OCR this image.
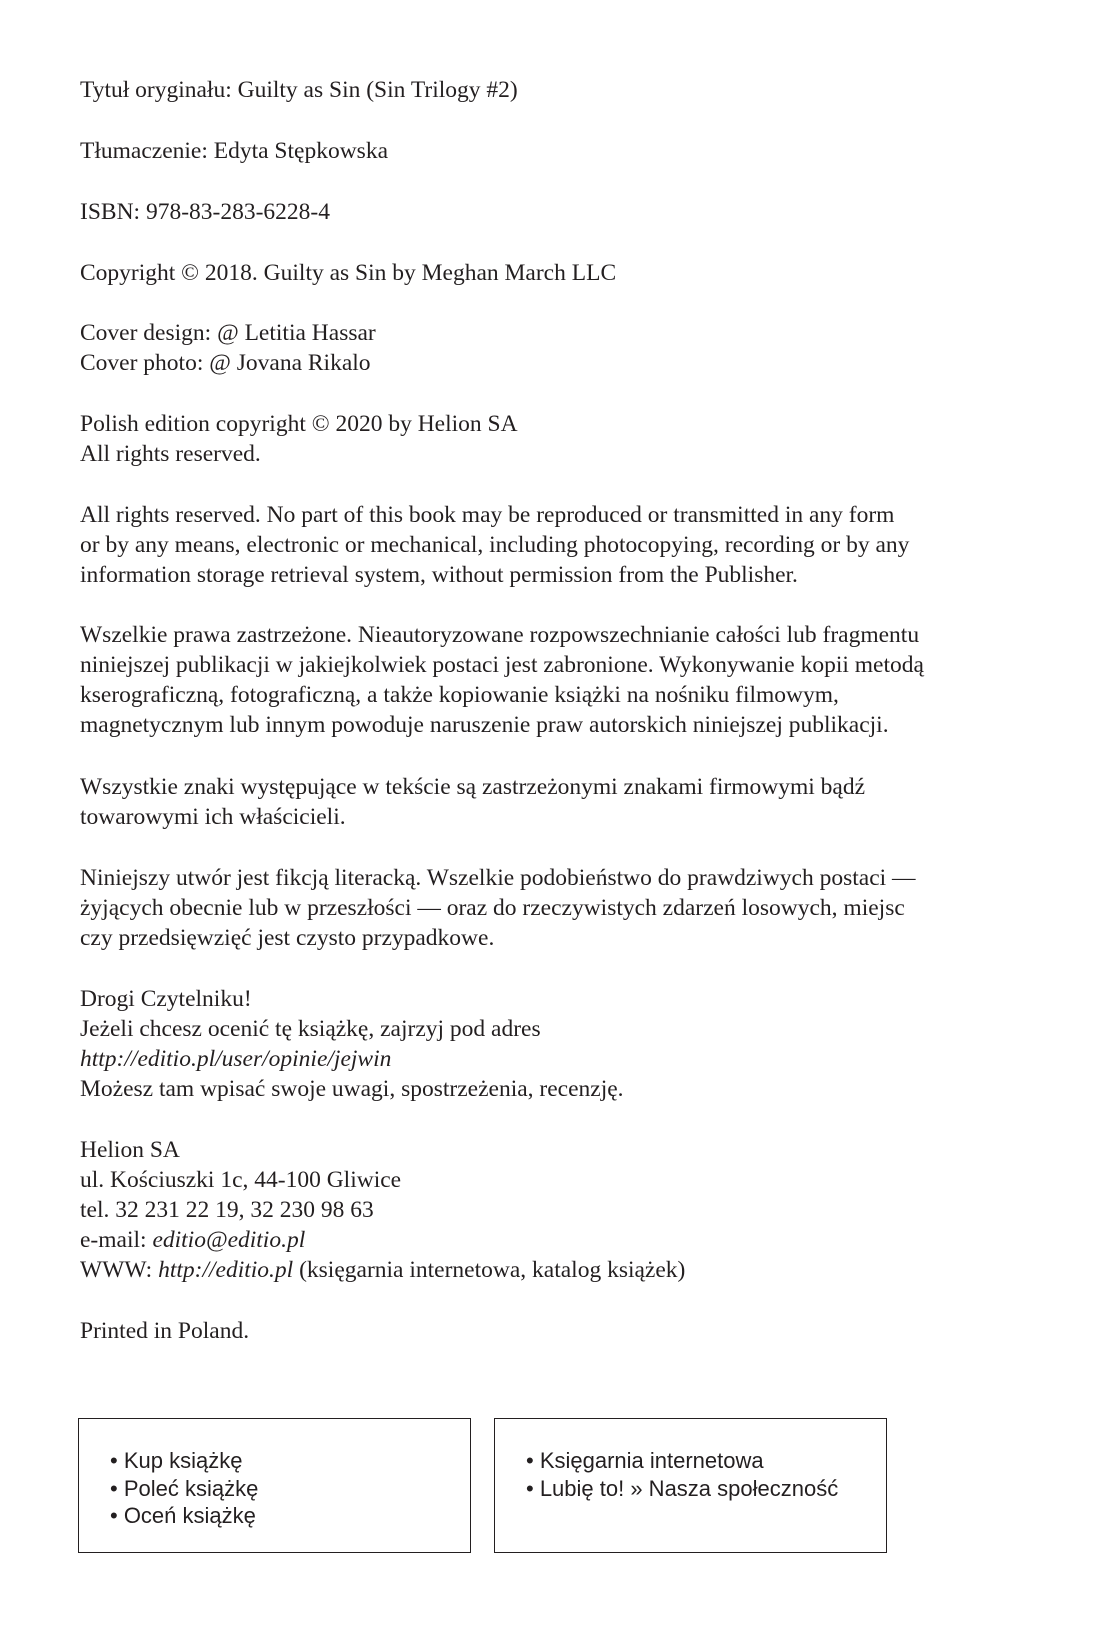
Tytuł oryginału: Guilty as Sin (Sin Trilogy #2)
Tłumaczenie: Edyta Stępkowska
ISBN: 978-83-283-6228-4
Copyright © 2018. Guilty as Sin by Meghan March LLC
Cover design: @ Letitia Hassar
Cover photo: @ Jovana Rikalo
Polish edition copyright © 2020 by Helion SA
All rights reserved.
All rights reserved. No part of this book may be reproduced or transmitted in any form
or by any means, electronic or mechanical, including photocopying, recording or by any
information storage retrieval system, without permission from the Publisher.
Wszelkie prawa zastrzeżone. Nieautoryzowane rozpowszechnianie całości lub fragmentu
niniejszej publikacji w jakiejkolwiek postaci jest zabronione. Wykonywanie kopii metodą
kserograficzną, fotograficzną, a także kopiowanie książki na nośniku filmowym,
magnetycznym lub innym powoduje naruszenie praw autorskich niniejszej publikacji.
Wszystkie znaki występujące w tekście są zastrzeżonymi znakami firmowymi bądź
towarowymi ich właścicieli.
Niniejszy utwór jest fikcją literacką. Wszelkie podobieństwo do prawdziwych postaci —
żyjących obecnie lub w przeszłości — oraz do rzeczywistych zdarzeń losowych, miejsc
czy przedsięwzięć jest czysto przypadkowe.
Drogi Czytelniku!
Jeżeli chcesz ocenić tę książkę, zajrzyj pod adres
http://editio.pl/user/opinie/jejwin
Możesz tam wpisać swoje uwagi, spostrzeżenia, recenzję.
Helion SA
ul. Kościuszki 1c, 44-100 Gliwice
tel. 32 231 22 19, 32 230 98 63
e-mail: editio@editio.pl
WWW: http://editio.pl (księgarnia internetowa, katalog książek)
Printed in Poland.
• Kup książkę
• Poleć książkę
• Oceń książkę
• Księgarnia internetowa
• Lubię to! » Nasza społeczność
